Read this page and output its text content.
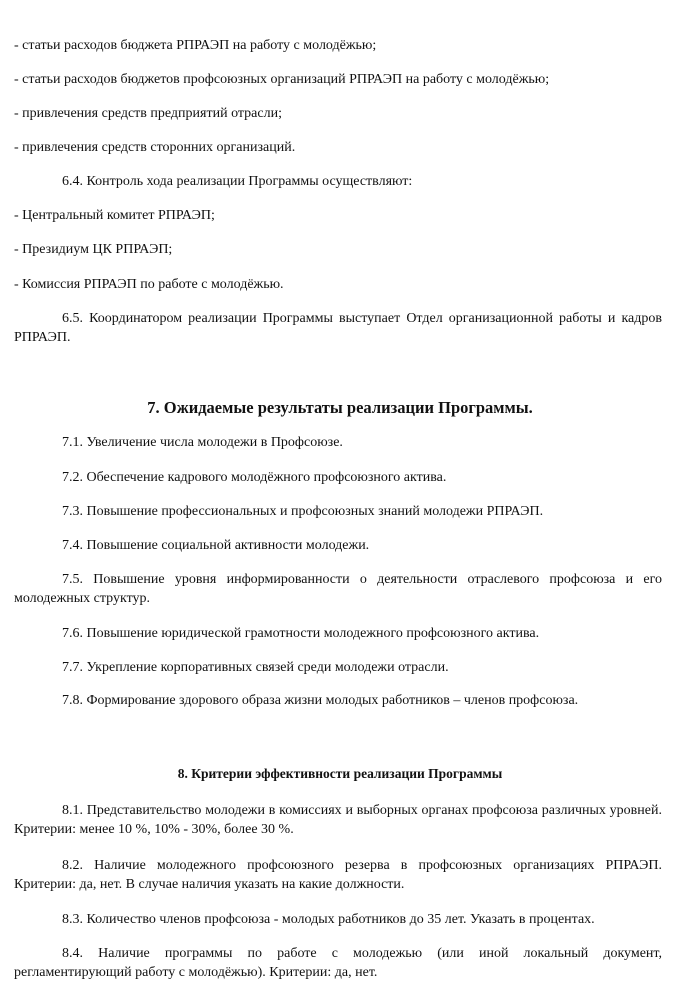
- статьи расходов бюджета РПРАЭП на работу с молодёжью;
- статьи расходов бюджетов профсоюзных организаций РПРАЭП на работу с молодёжью;
- привлечения средств предприятий отрасли;
- привлечения средств сторонних организаций.
6.4. Контроль хода реализации Программы осуществляют:
- Центральный комитет РПРАЭП;
- Президиум ЦК РПРАЭП;
- Комиссия РПРАЭП по работе с молодёжью.
6.5. Координатором реализации Программы выступает Отдел организационной работы и кадров РПРАЭП.
7. Ожидаемые результаты реализации Программы.
7.1. Увеличение числа молодежи в Профсоюзе.
7.2. Обеспечение кадрового молодёжного профсоюзного актива.
7.3. Повышение профессиональных и профсоюзных знаний молодежи РПРАЭП.
7.4. Повышение социальной активности молодежи.
7.5. Повышение уровня информированности о деятельности отраслевого профсоюза и его молодежных структур.
7.6. Повышение юридической грамотности молодежного профсоюзного актива.
7.7. Укрепление корпоративных связей среди молодежи отрасли.
7.8. Формирование здорового образа жизни молодых работников – членов профсоюза.
8. Критерии эффективности реализации Программы
8.1. Представительство молодежи в комиссиях и выборных органах профсоюза различных уровней. Критерии: менее 10 %, 10% - 30%, более 30 %.
8.2. Наличие молодежного профсоюзного резерва в профсоюзных организациях РПРАЭП. Критерии: да, нет. В случае наличия указать на какие должности.
8.3. Количество членов профсоюза - молодых работников до 35 лет. Указать в процентах.
8.4. Наличие программы по работе с молодежью (или иной локальный документ, регламентирующий работу с молодёжью). Критерии: да, нет.
